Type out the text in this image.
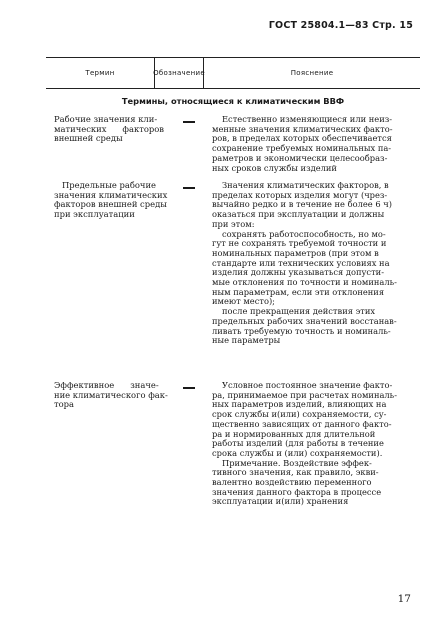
ГОСТ 25804.1—83 Стр. 15
Термин	Обозначение	Пояснение
Термины, относящиеся к климатическим ВВФ
Рабочие значения кли-
матических      факторов
внешней среды
Естественно изменяющиеся или неиз-
менные значения климатических факто-
ров, в пределах которых обеспечивается
сохранение требуемых номинальных па-
раметров и экономически целесообраз-
ных сроков службы изделий
Предельные рабочие
значения климатических
факторов внешней среды
при эксплуатации
Значения климатических факторов, в
пределах которых изделия могут (чрез-
вычайно редко и в течение не более 6 ч)
оказаться при эксплуатации и должны
при этом:
сохранять работоспособность, но мо-
гут не сохранять требуемой точности и
номинальных параметров (при этом в
стандарте или технических условиях на
изделия должны указываться допусти-
мые отклонения по точности и номиналь-
ным параметрам, если эти отклонения
имеют место);
после прекращения действия этих
предельных рабочих значений восстанав-
ливать требуемую точность и номиналь-
ные параметры
Эффективное      значе-
ние климатического фак-
тора
Условное постоянное значение факто-
ра, принимаемое при расчетах номиналь-
ных параметров изделий, влияющих на
срок службы и(или) сохраняемости, су-
щественно зависящих от данного факто-
ра и нормированных для длительной
работы изделий (для работы в течение
срока службы и (или) сохраняемости).
Примечание. Воздействие эффек-
тивного значения, как правило, экви-
валентно воздействию переменного
значения данного фактора в процессе
эксплуатации и(или) хранения
17
